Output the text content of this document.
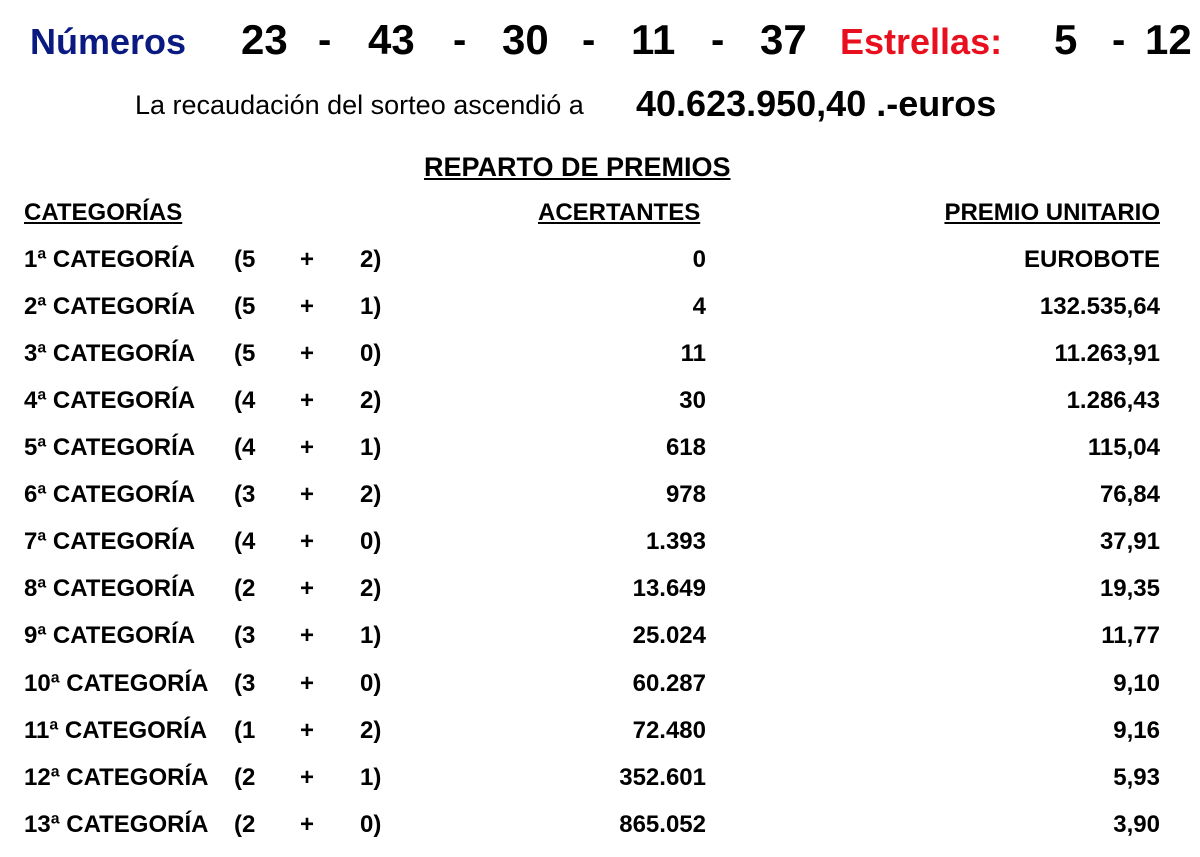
Números 23 - 43 - 30 - 11 - 37 Estrellas: 5 - 12
La recaudación del sorteo ascendió a 40.623.950,40 .-euros
REPARTO DE PREMIOS
CATEGORÍAS	ACERTANTES	PREMIO UNITARIO
1ª CATEGORÍA (5 + 2)	0	EUROBOTE
2ª CATEGORÍA (5 + 1)	4	132.535,64
3ª CATEGORÍA (5 + 0)	11	11.263,91
4ª CATEGORÍA (4 + 2)	30	1.286,43
5ª CATEGORÍA (4 + 1)	618	115,04
6ª CATEGORÍA (3 + 2)	978	76,84
7ª CATEGORÍA (4 + 0)	1.393	37,91
8ª CATEGORÍA (2 + 2)	13.649	19,35
9ª CATEGORÍA (3 + 1)	25.024	11,77
10ª CATEGORÍA (3 + 0)	60.287	9,10
11ª CATEGORÍA (1 + 2)	72.480	9,16
12ª CATEGORÍA (2 + 1)	352.601	5,93
13ª CATEGORÍA (2 + 0)	865.052	3,90
